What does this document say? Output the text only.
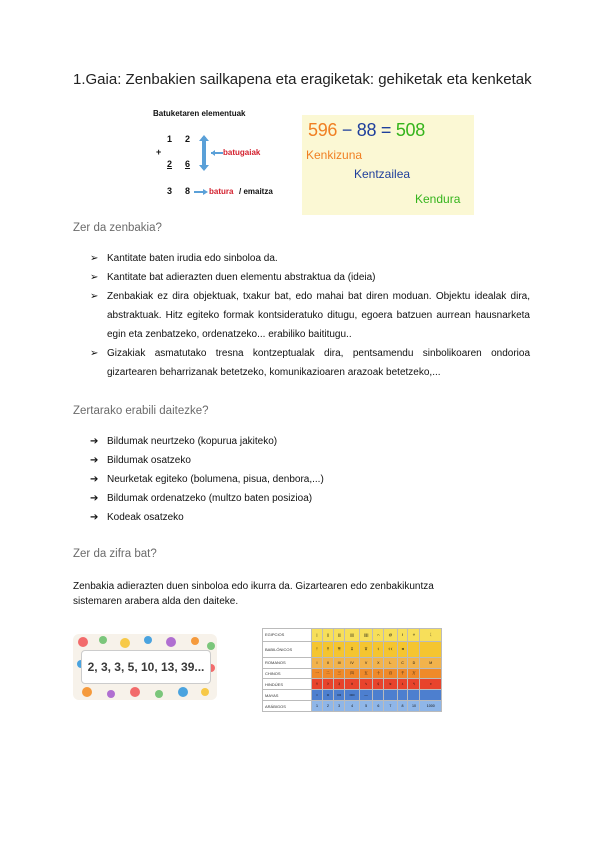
1.Gaia: Zenbakien sailkapena eta eragiketak: gehiketak eta kenketak
Batuketaren elementuak
1 2
+
2 6
batugaiak
3 8 batura / emaitza
596 − 88 = 508
Kenkizuna
Kentzailea
Kendura
Zer da zenbakia?
➢ Kantitate baten irudia edo sinboloa da.
➢ Kantitate bat adierazten duen elementu abstraktua da (ideia)
➢ Zenbakiak ez dira objektuak, txakur bat, edo mahai bat diren moduan. Objektu idealak dira, abstraktuak. Hitz egiteko formak kontsideratuko ditugu, egoera batzuen aurrean hausnarketa egin eta zenbatzeko, ordenatzeko... erabiliko baititugu..
➢ Gizakiak asmatutako tresna kontzeptualak dira, pentsamendu sinbolikoaren ondorioa gizartearen beharrizanak betetzeko, komunikazioaren arazoak betetzeko,...
Zertarako erabili daitezke?
➔ Bildumak neurtzeko (kopurua jakiteko)
➔ Bildumak osatzeko
➔ Neurketak egiteko (bolumena, pisua, denbora,...)
➔ Bildumak ordenatzeko (multzo baten posizioa)
➔ Kodeak osatzeko
Zer da zifra bat?
Zenbakia adierazten duen sinboloa edo ikurra da. Gizartearen edo zenbakikuntza sistemaren arabera alda den daiteke.
2, 3, 3, 5, 10, 13, 39...
EGIPCIOS	|	||	|||	||||	|||||	∩	@	ℓ	☥	𓆼
BABILÓNICOS	𒁹	𒈫	𒐈	𒐉	𒐊	𒌋	𒌋𒌋	◄		
ROMANOS	I	II	III	IV	V	X	L	C	D	M
CHINOS	一	二	三	四	五	十	百	千	万	
HINDÚES	१	२	३	४	५	६	७	८	९	०
MAYAS	•	••	•••	••••	—					
ARÁBIGOS	1	2	3	4	5	6	7	8	10	1000
